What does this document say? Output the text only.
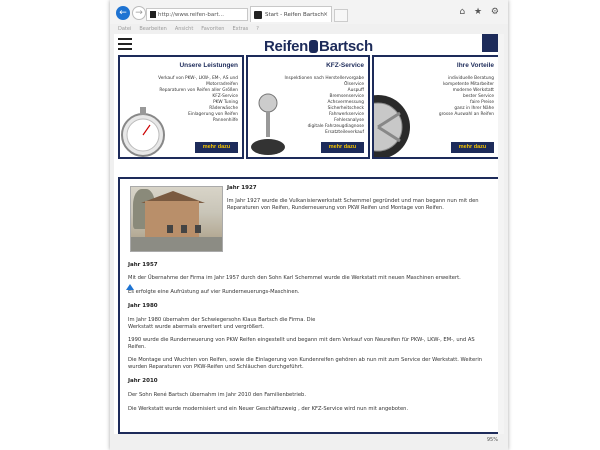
← →	http://www.reifen-bart...	Start - Reifen Bartsch ×	⌂ ★ ⚙
Datei Bearbeiten Ansicht Favoriten Extras ?
Reifen Bartsch
Unsere Leistungen
Verkauf von PKW-, LKW-, EM-, AS und
Motorradreifen
Reparaturen von Reifen aller Größen
KFZ-Service
PKW Tuning
Räderwäsche
Einlagerung von Reifen
Pannenhilfe
mehr dazu
KFZ-Service
Inspektionen nach Herstellervorgabe
Ölservice
Auspuff
Bremsenservice
Achsvermessung
Sicherheitscheck
Fahrwerkservice
Fehleranalyse
digitale Fahrzeugdiagnose
Ersatzteileverkauf
mehr dazu
Ihre Vorteile
individuelle Beratung
kompetente Mitarbeiter
moderne Werkstatt
bester Service
faire Preise
ganz in Ihrer Nähe
grosse Auswahl an Reifen
mehr dazu
Jahr 1927
Im Jahr 1927 wurde die Vulkanisierwerkstatt Schemmel gegründet und man begann nun mit den Reparaturen von Reifen, Runderneuerung von PKW Reifen und Montage von Reifen.
Jahr 1957
Mit der Übernahme der Firma im Jahr 1957 durch den Sohn Karl Schemmel wurde die Werkstatt mit neuen Maschinen erweitert.
Es erfolgte eine Aufrüstung auf vier Runderneuerungs-Maschinen.
Jahr 1980
Im Jahr 1980 übernahm der Schwiegersohn Klaus Bartsch die Firma. Die Werkstatt wurde abermals erweitert und vergrößert.
1990 wurde die Runderneuerung von PKW Reifen eingestellt und begann mit dem Verkauf von Neureifen für PKW-, LKW-, EM-, und AS Reifen.
Die Montage und Wuchten von Reifen, sowie die Einlagerung von Kundenreifen gehören ab nun mit zum Service der Werkstatt. Weiterin wurden Reparaturen von PKW-Reifen und Schläuchen durchgeführt.
Jahr 2010
Der Sohn René Bartsch übernahm im Jahr 2010 den Familienbetrieb.
Die Werkstatt wurde modernisiert und ein Neuer Geschäftszweig , der KFZ-Service wird nun mit angeboten.
95%
